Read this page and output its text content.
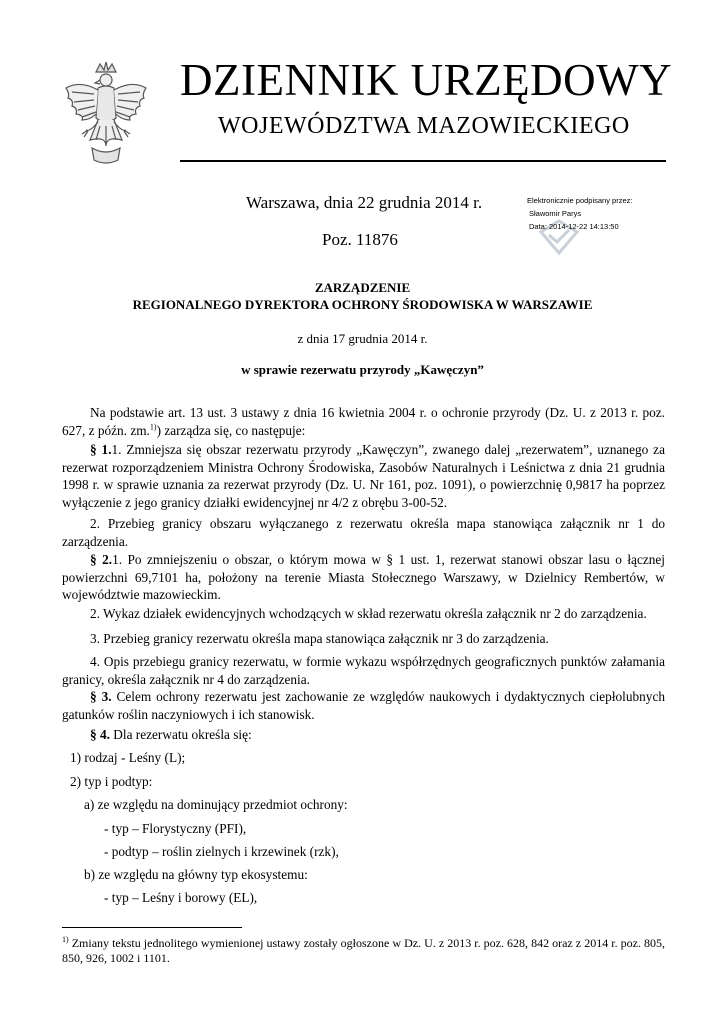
DZIENNIK URZĘDOWY
WOJEWÓDZTWA MAZOWIECKIEGO
Warszawa, dnia 22 grudnia 2014 r.
Poz. 11876
Elektronicznie podpisany przez:
Sławomir Parys
Data: 2014-12-22 14:13:50
ZARZĄDZENIE
REGIONALNEGO DYREKTORA OCHRONY ŚRODOWISKA W WARSZAWIE
z dnia 17 grudnia 2014 r.
w sprawie rezerwatu przyrody „Kawęczyn”
Na podstawie art. 13 ust. 3 ustawy z dnia 16 kwietnia 2004 r. o ochronie przyrody (Dz. U. z 2013 r. poz. 627, z późn. zm.$^{1)}$) zarządza się, co następuje:
§ 1.1. Zmniejsza się obszar rezerwatu przyrody „Kawęczyn”, zwanego dalej „rezerwatem”, uznanego za rezerwat rozporządzeniem Ministra Ochrony Środowiska, Zasobów Naturalnych i Leśnictwa z dnia 21 grudnia 1998 r. w sprawie uznania za rezerwat przyrody (Dz. U. Nr 161, poz. 1091), o powierzchnię 0,9817 ha poprzez wyłączenie z jego granicy działki ewidencyjnej nr 4/2 z obrębu 3-00-52.
2. Przebieg granicy obszaru wyłączanego z rezerwatu określa mapa stanowiąca załącznik nr 1 do zarządzenia.
§ 2.1. Po zmniejszeniu o obszar, o którym mowa w § 1 ust. 1, rezerwat stanowi obszar lasu o łącznej powierzchni 69,7101 ha, położony na terenie Miasta Stołecznego Warszawy, w Dzielnicy Rembertów, w województwie mazowieckim.
2. Wykaz działek ewidencyjnych wchodzących w skład rezerwatu określa załącznik nr 2 do zarządzenia.
3. Przebieg granicy rezerwatu określa mapa stanowiąca załącznik nr 3 do zarządzenia.
4. Opis przebiegu granicy rezerwatu, w formie wykazu współrzędnych geograficznych punktów załamania granicy, określa załącznik nr 4 do zarządzenia.
§ 3. Celem ochrony rezerwatu jest zachowanie ze względów naukowych i dydaktycznych ciepłolubnych gatunków roślin naczyniowych i ich stanowisk.
§ 4. Dla rezerwatu określa się:
1) rodzaj - Leśny (L);
2) typ i podtyp:
a) ze względu na dominujący przedmiot ochrony:
- typ – Florystyczny (PFI),
- podtyp – roślin zielnych i krzewinek (rzk),
b) ze względu na główny typ ekosystemu:
- typ – Leśny i borowy (EL),
$^{1)}$ Zmiany tekstu jednolitego wymienionej ustawy zostały ogłoszone w Dz. U. z 2013 r. poz. 628, 842 oraz z 2014 r. poz. 805, 850, 926, 1002 i 1101.
